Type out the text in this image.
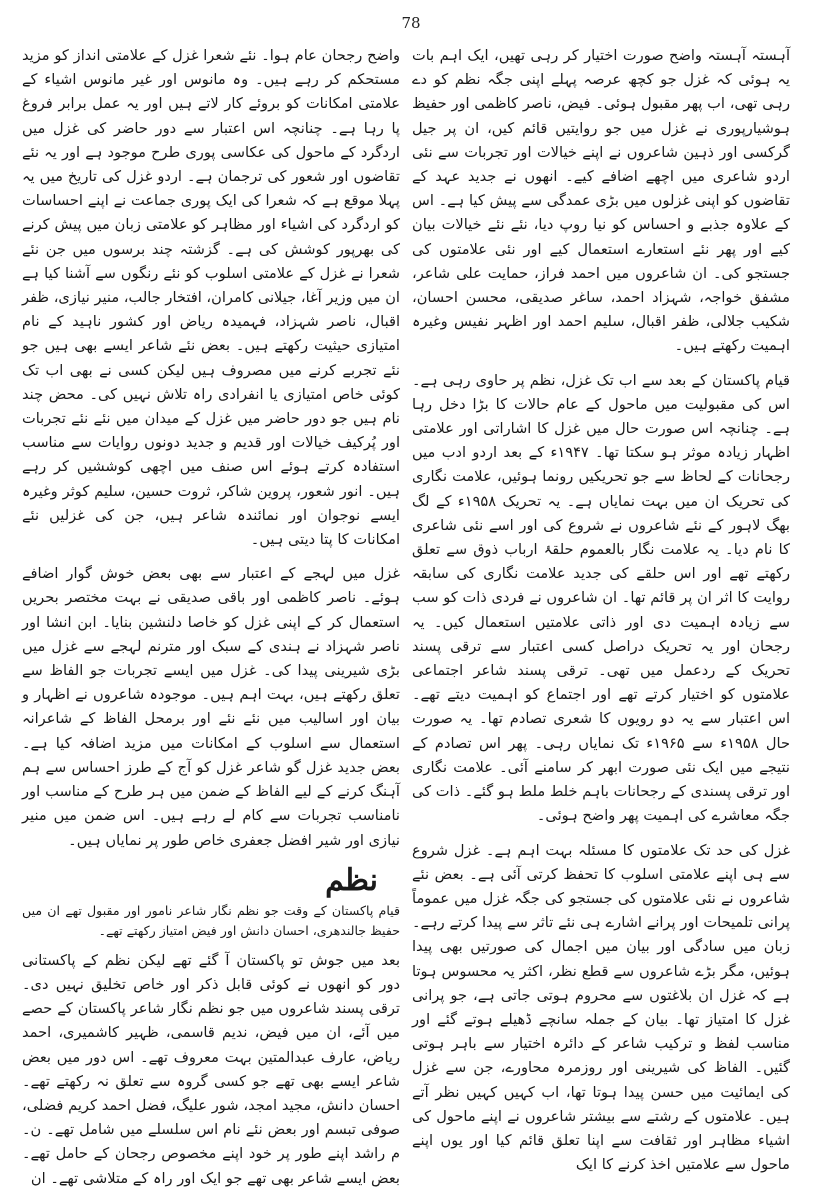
78

آہستہ آہستہ واضح صورت اختیار کر رہی تھیں، ایک اہم بات یہ ہوئی کہ غزل جو کچھ عرصہ پہلے اپنی جگہ نظم کو دے رہی تھی، اب پھر مقبول ہوئی۔ فیض، ناصر کاظمی اور حفیظ ہوشیارپوری نے غزل میں جو روایتیں قائم کیں، ان پر جیل گرکسی اور ذہین شاعروں نے اپنے خیالات اور تجربات سے نئی اردو شاعری میں اچھے اضافے کیے۔ انھوں نے جدید عہد کے تقاضوں کو اپنی غزلوں میں بڑی عمدگی سے پیش کیا ہے۔ اس کے علاوہ جذبے و احساس کو نیا روپ دیا، نئے نئے خیالات بیان کیے اور پھر نئے استعارے استعمال کیے اور نئی علامتوں کی جستجو کی۔ ان شاعروں میں احمد فراز، حمایت علی شاعر، مشفق خواجہ، شہزاد احمد، ساغر صدیقی، محسن احسان، شکیب جلالی، ظفر اقبال، سلیم احمد اور اظہر نفیس وغیرہ اہمیت رکھتے ہیں۔

قیام پاکستان کے بعد سے اب تک غزل، نظم پر حاوی رہی ہے۔ اس کی مقبولیت میں ماحول کے عام حالات کا بڑا دخل رہا ہے۔ چنانچہ اس صورت حال میں غزل کا اشاراتی اور علامتی اظہار زیادہ موثر ہو سکتا تھا۔ ۱۹۴۷ء کے بعد اردو ادب میں رجحانات کے لحاظ سے جو تحریکیں رونما ہوئیں، علامت نگاری کی تحریک ان میں بہت نمایاں ہے۔ یہ تحریک ۱۹۵۸ء کے لگ بھگ لاہور کے نئے شاعروں نے شروع کی اور اسے نئی شاعری کا نام دیا۔ یہ علامت نگار بالعموم حلقۂ ارباب ذوق سے تعلق رکھتے تھے اور اس حلقے کی جدید علامت نگاری کی سابقہ روایت کا اثر ان پر قائم تھا۔ ان شاعروں نے فردی ذات کو سب سے زیادہ اہمیت دی اور ذاتی علامتیں استعمال کیں۔ یہ رجحان اور یہ تحریک دراصل کسی اعتبار سے ترقی پسند تحریک کے ردعمل میں تھی۔ ترقی پسند شاعر اجتماعی علامتوں کو اختیار کرتے تھے اور اجتماع کو اہمیت دیتے تھے۔ اس اعتبار سے یہ دو رویوں کا شعری تصادم تھا۔ یہ صورت حال ۱۹۵۸ء سے ۱۹۶۵ء تک نمایاں رہی۔ پھر اس تصادم کے نتیجے میں ایک نئی صورت ابھر کر سامنے آئی۔ علامت نگاری اور ترقی پسندی کے رجحانات باہم خلط ملط ہو گئے۔ ذات کی جگہ معاشرے کی اہمیت پھر واضح ہوئی۔

غزل کی حد تک علامتوں کا مسئلہ بہت اہم ہے۔ غزل شروع سے ہی اپنے علامتی اسلوب کا تحفظ کرتی آئی ہے۔ بعض نئے شاعروں نے نئی علامتوں کی جستجو کی جگہ غزل میں عموماً پرانی تلمیحات اور پرانے اشارے ہی نئے تاثر سے پیدا کرتے رہے۔ زبان میں سادگی اور بیان میں اجمال کی صورتیں بھی پیدا ہوئیں، مگر بڑے شاعروں سے قطع نظر، اکثر یہ محسوس ہوتا ہے کہ غزل ان بلاغتوں سے محروم ہوتی جاتی ہے، جو پرانی غزل کا امتیاز تھا۔ بیان کے جملہ سانچے ڈھیلے ہوتے گئے اور مناسب لفظ و ترکیب شاعر کے دائرہ اختیار سے باہر ہوتی گئیں۔ الفاظ کی شیرینی اور روزمرہ محاورے، جن سے غزل کی ایمائیت میں حسن پیدا ہوتا تھا، اب کہیں کہیں نظر آتے ہیں۔ علامتوں کے رشتے سے بیشتر شاعروں نے اپنے ماحول کی اشیاء مظاہر اور ثقافت سے اپنا تعلق قائم کیا اور یوں اپنے ماحول سے علامتیں اخذ کرنے کا ایک

واضح رجحان عام ہوا۔ نئے شعرا غزل کے علامتی انداز کو مزید مستحکم کر رہے ہیں۔ وہ مانوس اور غیر مانوس اشیاء کے علامتی امکانات کو بروئے کار لاتے ہیں اور یہ عمل برابر فروغ پا رہا ہے۔ چنانچہ اس اعتبار سے دور حاضر کی غزل میں اردگرد کے ماحول کی عکاسی پوری طرح موجود ہے اور یہ نئے تقاضوں اور شعور کی ترجمان ہے۔ اردو غزل کی تاریخ میں یہ پہلا موقع ہے کہ شعرا کی ایک پوری جماعت نے اپنے احساسات کو اردگرد کی اشیاء اور مظاہر کو علامتی زبان میں پیش کرنے کی بھرپور کوشش کی ہے۔ گزشتہ چند برسوں میں جن نئے شعرا نے غزل کے علامتی اسلوب کو نئے رنگوں سے آشنا کیا ہے ان میں وزیر آغا، جیلانی کامران، افتخار جالب، منیر نیازی، ظفر اقبال، ناصر شہزاد، فہمیدہ ریاض اور کشور ناہید کے نام امتیازی حیثیت رکھتے ہیں۔ بعض نئے شاعر ایسے بھی ہیں جو نئے تجربے کرنے میں مصروف ہیں لیکن کسی نے بھی اب تک کوئی خاص امتیازی یا انفرادی راہ تلاش نہیں کی۔ محض چند نام ہیں جو دور حاضر میں غزل کے میدان میں نئے نئے تجربات اور پُرکیف خیالات اور قدیم و جدید دونوں روایات سے مناسب استفادہ کرتے ہوئے اس صنف میں اچھی کوششیں کر رہے ہیں۔ انور شعور، پروین شاکر، ثروت حسین، سلیم کوثر وغیرہ ایسے نوجوان اور نمائندہ شاعر ہیں، جن کی غزلیں نئے امکانات کا پتا دیتی ہیں۔

غزل میں لہجے کے اعتبار سے بھی بعض خوش گوار اضافے ہوئے۔ ناصر کاظمی اور باقی صدیقی نے بہت مختصر بحریں استعمال کر کے اپنی غزل کو خاصا دلنشین بنایا۔ ابن انشا اور ناصر شہزاد نے ہندی کے سبک اور مترنم لہجے سے غزل میں بڑی شیرینی پیدا کی۔ غزل میں ایسے تجربات جو الفاظ سے تعلق رکھتے ہیں، بہت اہم ہیں۔ موجودہ شاعروں نے اظہار و بیان اور اسالیب میں نئے نئے اور برمحل الفاظ کے شاعرانہ استعمال سے اسلوب کے امکانات میں مزید اضافہ کیا ہے۔ بعض جدید غزل گو شاعر غزل کو آج کے طرز احساس سے ہم آہنگ کرنے کے لیے الفاظ کے ضمن میں ہر طرح کے مناسب اور نامناسب تجربات سے کام لے رہے ہیں۔ اس ضمن میں منیر نیازی اور شیر افضل جعفری خاص طور پر نمایاں ہیں۔

نظم

قیام پاکستان کے وقت جو نظم نگار شاعر نامور اور مقبول تھے ان میں حفیظ جالندھری، احسان دانش اور فیض امتیاز رکھتے تھے۔

بعد میں جوش تو پاکستان آ گئے تھے لیکن نظم کے پاکستانی دور کو انھوں نے کوئی قابل ذکر اور خاص تخلیق نہیں دی۔ ترقی پسند شاعروں میں جو نظم نگار شاعر پاکستان کے حصے میں آئے، ان میں فیض، ندیم قاسمی، ظہیر کاشمیری، احمد ریاض، عارف عبدالمتین بہت معروف تھے۔ اس دور میں بعض شاعر ایسے بھی تھے جو کسی گروہ سے تعلق نہ رکھتے تھے۔ احسان دانش، مجید امجد، شور علیگ، فضل احمد کریم فضلی، صوفی تبسم اور بعض نئے نام اس سلسلے میں شامل تھے۔ ن۔م راشد اپنے طور پر خود اپنے مخصوص رجحان کے حامل تھے۔ بعض ایسے شاعر بھی تھے جو ایک اور راہ کے متلاشی تھے۔ ان
